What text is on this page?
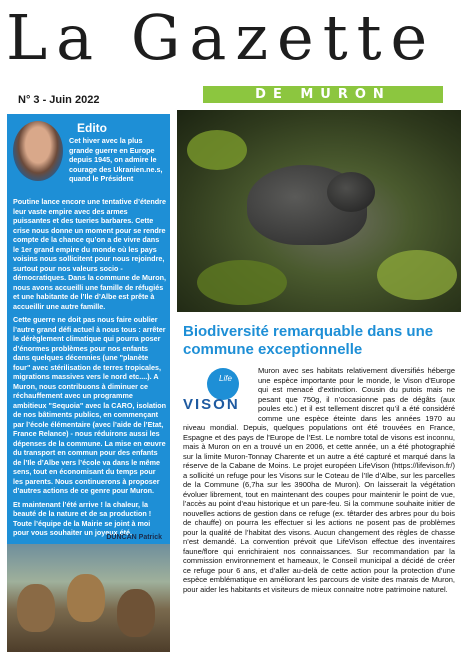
La Gazette
DE MURON
N° 3 - Juin 2022
Edito
Cet hiver avec la plus grande guerre en Europe depuis 1945, on admire le courage des Ukranien.ne.s, quand le Président

Poutine lance encore une tentative d’étendre leur vaste empire avec des armes puissantes et des tueries barbares. Cette crise nous donne un moment pour se rendre compte de la chance qu’on a de vivre dans le 1er grand empire du monde où les pays voisins nous sollicitent pour nous rejoindre, surtout pour nos valeurs socio - démocratiques. Dans la commune de Muron, nous avons accueilli une famille de réfugiés et une habitante de l’Ile d’Albe est prête à accueillir une autre famille.

Cette guerre ne doit pas nous faire oublier l’autre grand défi actuel à nous tous : arrêter le dérèglement climatique qui pourra poser d’énormes problèmes pour nos enfants dans quelques décennies (une "planète four" avec stérilisation de terres tropicales, migrations massives vers le nord etc....). A Muron, nous contribuons à diminuer ce réchauffement avec un programme ambitieux "Sequoia" avec la CARO, isolation de nos bâtiments publics, en commençant par l’école élémentaire (avec l’aide de l’Etat, France Relance) - nous réduirons aussi les dépenses de la commune. La mise en œuvre du transport en commun pour des enfants de l’Ile d’Albe vers l’école va dans le même sens, tout en économisant du temps pour les parents. Nous continuerons à proposer d’autres actions de ce genre pour Muron.

Et maintenant l’été arrive ! la chaleur, la beauté de la nature et de sa production ! Toute l’équipe de la Mairie se joint à moi pour vous souhaiter un joyeux été.

DUNCAN Patrick
Biodiversité remarquable dans une commune exceptionnelle
Life
VISON

Muron avec ses habitats relativement diversifiés héberge une espèce importante pour le monde, le Vison d’Europe qui est menacé d’extinction. Cousin du putois mais ne pesant que 750g, il n’occasionne pas de dégâts (aux poules etc.) et il est tellement discret qu’il a été considéré comme une espèce éteinte dans les années 1970 au niveau mondial. Depuis, quelques populations ont été trouvées en France, Espagne et des pays de l’Europe de l’Est. Le nombre total de visons est inconnu, mais à Muron on en a trouvé un en 2006, et cette année, un a été photographié sur la limite Muron-Tonnay Charente et un autre a été capturé et marqué dans la réserve de la Cabane de Moins. Le projet européen LifeVison (https://lifevison.fr/) a sollicité un refuge pour les Visons sur le Coteau de l’Ile d’Albe, sur les parcelles de la Commune (6,7ha sur les 3900ha de Muron). On laisserait la végétation évoluer librement, tout en maintenant des coupes pour maintenir le point de vue, l’accès au point d’eau historique et un pare-feu. Si la commune souhaite initier de nouvelles actions de gestion dans ce refuge (ex. têtarder des arbres pour du bois de chauffe) on pourra les effectuer si les actions ne posent pas de problèmes pour la qualité de l’habitat des visons. Aucun changement des règles de chasse n’est demandé. La convention prévoit que LifeVison effectue des inventaires faune/flore qui enrichiraient nos connaissances. Sur recommandation par la commission environnement et hameaux, le Conseil municipal a décidé de créer ce refuge pour 6 ans, et d’aller au-delà de cette action pour la protection d’une espèce emblématique en améliorant les parcours de visite des marais de Muron, pour aider les habitants et visiteurs de mieux connaitre notre patrimoine naturel.
